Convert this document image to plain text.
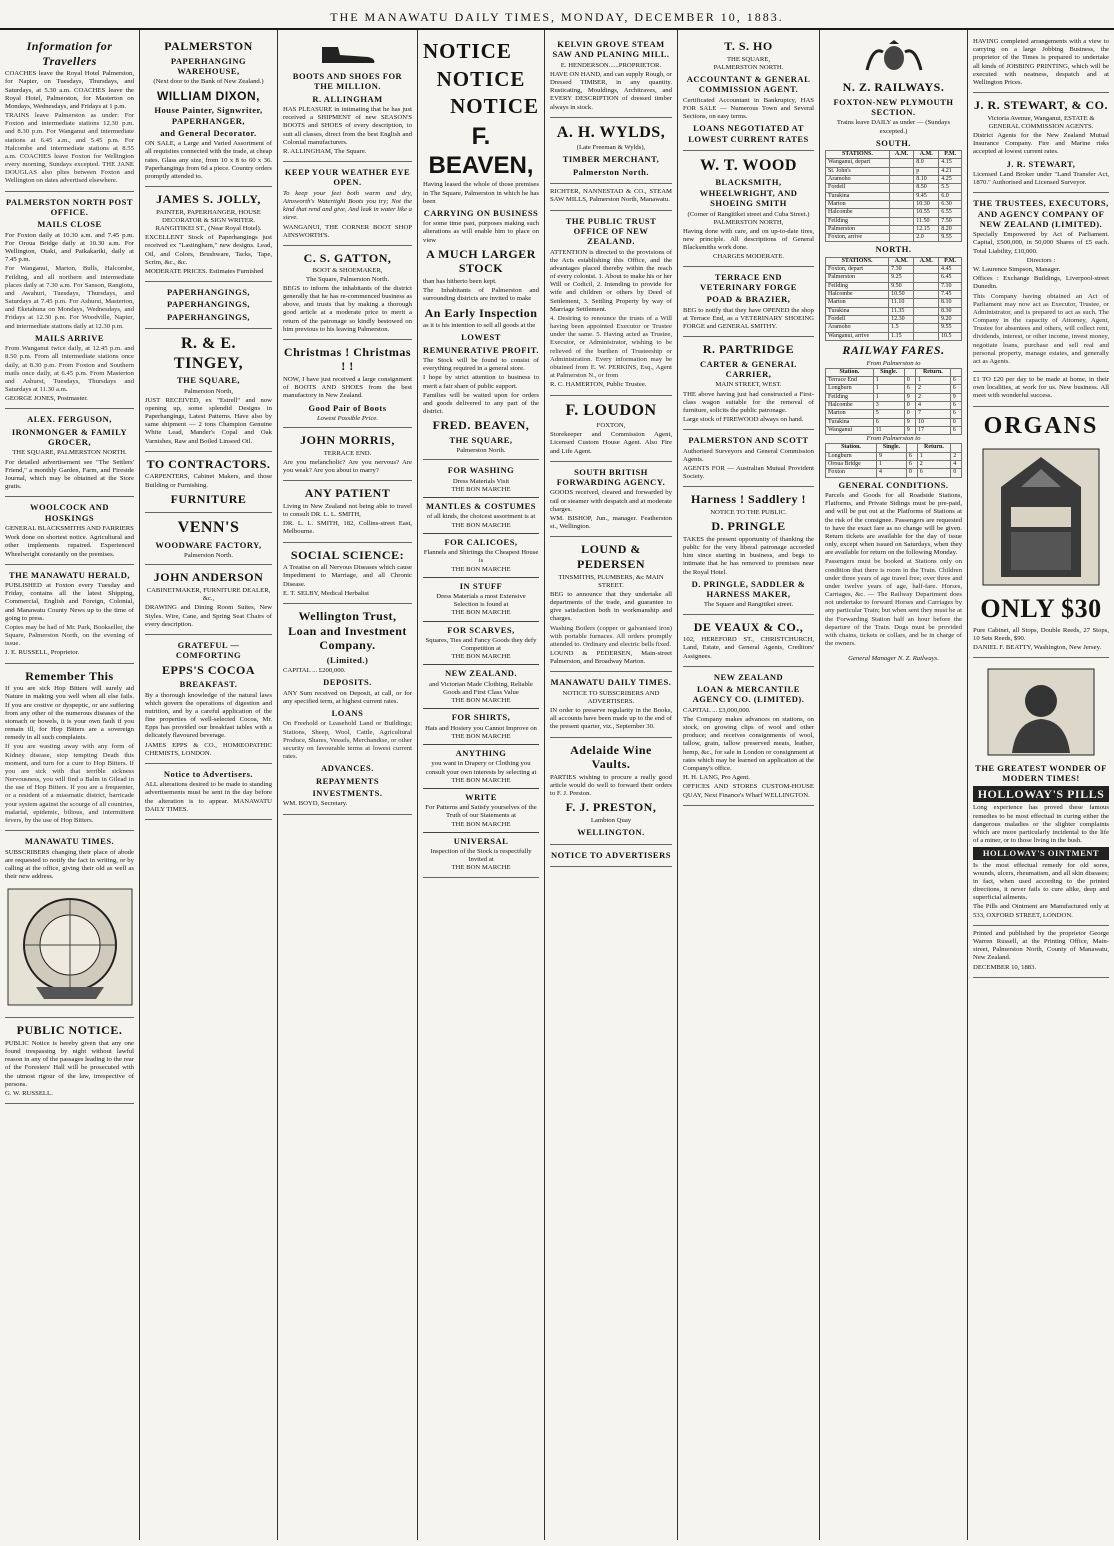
THE MANAWATU DAILY TIMES, MONDAY, DECEMBER 10, 1883.
Information for Travellers

COACHES leave the Royal Hotel Palmerston, for Napier, on Tuesdays, Thursdays, and Saturdays, at 5.30 a.m. COACHES leave the Royal Hotel, Palmerston, for Masterton on Mondays, Wednesdays, and Fridays at 1 p.m.

TRAINS leave Palmerston as under: For Foxton and intermediate stations 12.30 p.m. and 8.30 p.m. For Wanganui and intermediate stations at 6.45 a.m., and 5.45 p.m. For Halcombe and intermediate stations at 8.55 a.m. COACHES leave Foxton for Wellington every morning, Sundays excepted. THE JANE DOUGLAS also plies between Foxton and Wellington on dates advertised elsewhere.

PALMERSTON NORTH POST OFFICE.
MAILS CLOSE

For Foxton daily at 10.30 a.m. and 7.45 p.m. For Oroua Bridge daily at 10.30 a.m. For Wellington, Otaki, and Paikakariki, daily at 7.45 p.m.

For Wanganui, Marton, Bulls, Halcombe, Feilding, and all northern and intermediate places daily at 7.30 a.m. For Sanson, Rangiotu, and Awahuri, Tuesdays, Thursdays, and Saturdays at 7.45 p.m. For Ashurst, Masterton, and Eketahuna on Mondays, Wednesdays, and Fridays at 12.30 p.m. For Woodville, Napier, and intermediate stations daily at 12.30 p.m.

MAILS ARRIVE

From Wanganui twice daily, at 12.45 p.m. and 8.50 p.m. From all intermediate stations once daily, at 8.30 p.m. From Foxton and Southern mails once daily, at 6.45 p.m. From Masterton and Ashurst, Tuesdays, Thursdays and Saturdays at 11.30 a.m.

GEORGE JONES, Postmaster.

ALEX. FERGUSON,
IRONMONGER & FAMILY GROCER,
THE SQUARE, PALMERSTON NORTH.

For detailed advertisement see "The Settlers' Friend," a monthly Garden, Farm, and Fireside Journal, which may be obtained at the Store gratis.

WOOLCOCK AND HOSKINGS
GENERAL BLACKSMITHS AND FARRIERS

Work done on shortest notice. Agricultural and other implements repaired. Experienced Wheelwright constantly on the premises.

THE MANAWATU HERALD,

PUBLISHED at Foxton every Tuesday and Friday, contains all the latest Shipping, Commercial, English and Foreign, Colonial, and Manawatu County News up to the time of going to press.

Copies may be had of Mr. Park, Bookseller, the Square, Palmerston North, on the evening of issue.

J. E. RUSSELL, Proprietor.

Remember This

If you are sick Hop Bitters will surely aid Nature in making you well when all else fails. If you are costive or dyspeptic, or are suffering from any other of the numerous diseases of the stomach or bowels, it is your own fault if you remain ill, for Hop Bitters are a sovereign remedy in all such complaints.

If you are wasting away with any form of Kidney disease, stop tempting Death this moment, and turn for a cure to Hop Bitters. If you are sick with that terrible sickness Nervousness, you will find a Balm in Gilead in the use of Hop Bitters. If you are a frequenter, or a resident of a miasmatic district, barricade your system against the scourge of all countries, malarial, epidemic, bilious, and intermittent fevers, by the use of Hop Bitters.

MANAWATU TIMES.

SUBSCRIBERS changing their place of abode are requested to notify the fact in writing, or by calling at the office, giving their old as well as their new address.

PUBLIC NOTICE.

PUBLIC Notice is hereby given that any one found trespassing by night without lawful reason in any of the passages leading to the rear of the Foresters' Hall will be prosecuted with the utmost rigour of the law, irrespective of persons.

G. W. RUSSELL.

PALMERSTON
PAPERHANGING WAREHOUSE,
(Next door to the Bank of New Zealand.)
WILLIAM DIXON,
House Painter, Signwriter, PAPERHANGER,
and General Decorator.

ON SALE, a Large and Varied Assortment of all requisites connected with the trade, at cheap rates. Glass any size, from 10 x 8 to 60 x 36. Paperhangings from 6d a piece. Country orders promptly attended to.

JAMES S. JOLLY,
PAINTER, PAPERHANGER, HOUSE DECORATOR & SIGN WRITER.
RANGITIKEI ST., (Near Royal Hotel).

EXCELLENT Stock of Paperhangings just received ex "Lastingham," new designs. Lead, Oil, and Colors, Brushware, Tacks, Tape, Scrim, &c., &c.

MODERATE PRICES. Estimates Furnished

PAPERHANGINGS,
PAPERHANGINGS,
PAPERHANGINGS,
R. & E. TINGEY,
THE SQUARE,
Palmerston North,

JUST RECEIVED, ex "Estrell" and now opening up, some splendid Designs in Paperhangings, Latest Patterns. Have also by same shipment — 2 tons Champion Genuine White Lead, Mander's Copal and Oak Varnishes, Raw and Boiled Linseed Oil.

TO CONTRACTORS.

CARPENTERS, Cabinet Makers, and those Building or Furnishing.

FURNITURE
VENN'S
WOODWARE FACTORY,
Palmerston North.
JOHN ANDERSON
CABINETMAKER, FURNITURE DEALER, &c.,

DRAWING and Dining Room Suites, New Styles. Wire, Cane, and Spring Seat Chairs of every description.

GRATEFUL — COMFORTING
EPPS'S COCOA
BREAKFAST.

By a thorough knowledge of the natural laws which govern the operations of digestion and nutrition, and by a careful application of the fine properties of well-selected Cocoa, Mr. Epps has provided our breakfast tables with a delicately flavoured beverage.

JAMES EPPS & CO., HOMŒOPATHIC CHEMISTS, LONDON.

Notice to Advertisers.

ALL alterations desired to be made to standing advertisements must be sent in the day before the alteration is to appear. MANAWATU DAILY TIMES.

BOOTS AND SHOES FOR THE MILLION.
R. ALLINGHAM

HAS PLEASURE in intimating that he has just received a SHIPMENT of new SEASON'S BOOTS and SHOES of every description, to suit all classes, direct from the best English and Colonial manufacturers.

R. ALLINGHAM, The Square.

KEEP YOUR WEATHER EYE OPEN.

To keep your feet both warm and dry, Ainsworth's Watertight Boots you try; Not the kind that rend and give, And leak in water like a sieve.

WANGANUI, THE CORNER BOOT SHOP AINSWORTH'S.

C. S. GATTON,
BOOT & SHOEMAKER,
The Square, Palmerston North.

BEGS to inform the inhabitants of the district generally that he has re-commenced business as above, and trusts that by making a thorough good article at a moderate price to merit a return of the patronage so kindly bestowed on him previous to his leaving Palmerston.

Christmas ! Christmas ! !

NOW, I have just received a large consignment of BOOTS AND SHOES from the best manufactory in New Zealand.

Good Pair of Boots
Lowest Possible Price.
JOHN MORRIS,
TERRACE END.

Are you melancholic? Are you nervous? Are you weak? Are you about to marry?

ANY PATIENT

Living in New Zealand not being able to travel to consult DR. L. L. SMITH,

DR. L. L. SMITH, 182, Collins-street East, Melbourne.

SOCIAL SCIENCE:

A Treatise on all Nervous Diseases which cause Impediment to Marriage, and all Chronic Disease.

E. T. SELBY, Medical Herbalist

Wellington Trust, Loan and Investment Company.
(Limited.)

CAPITAL ... £200,000.

DEPOSITS.

ANY Sum received on Deposit, at call, or for any specified term, at highest current rates.

LOANS

On Freehold or Leasehold Land or Buildings; Stations, Sheep, Wool, Cattle, Agricultural Produce, Shares, Vessels, Merchandise, or other security on favourable terms at lowest current rates.

ADVANCES.
REPAYMENTS
INVESTMENTS.

WM. BOYD, Secretary.

NOTICE
NOTICE
NOTICE
F. BEAVEN,

Having leased the whole of those premises in The Square, Palmerston in which he has been

CARRYING ON BUSINESS

for some time past, purposes making such alterations as will enable him to place on view

A MUCH LARGER STOCK

than has hitherto been kept.

The Inhabitants of Palmerston and surrounding districts are invited to make

An Early Inspection

as it is his intention to sell all goods at the

LOWEST
REMUNERATIVE PROFIT.

The Stock will be found to consist of everything required in a general store.

I hope by strict attention to business to merit a fair share of public support.

Families will be waited upon for orders and goods delivered to any part of the district.

FRED. BEAVEN,
THE SQUARE,
Palmerston North.
FOR WASHING
Dress Materials Visit
THE BON MARCHE
MANTLES & COSTUMES
of all kinds, the choicest assortment is at
THE BON MARCHE
FOR CALICOES,
Flannels and Shirtings the Cheapest House is
THE BON MARCHE
IN STUFF
Dress Materials a most Extensive Selection is found at
THE BON MARCHE
FOR SCARVES,
Squares, Ties and Fancy Goods they defy Competition at
THE BON MARCHE
NEW ZEALAND.
and Victorian Made Clothing, Reliable Goods and First Class Value
THE BON MARCHE
FOR SHIRTS,
Hats and Hosiery you Cannot Improve on
THE BON MARCHE
ANYTHING
you want in Drapery or Clothing you consult your own interests by selecting at
THE BON MARCHE
WRITE
For Patterns and Satisfy yourselves of the Truth of our Statements at
THE BON MARCHE
UNIVERSAL
Inspection of the Stock is respectfully Invited at
THE BON MARCHE
KELVIN GROVE STEAM SAW AND PLANING MILL.
E. HENDERSON......PROPRIETOR.

HAVE ON HAND, and can supply Rough, or Dressed TIMBER, in any quantity. Rusticating, Mouldings, Architraves, and EVERY DESCRIPTION of dressed timber always in stock.

A. H. WYLDS,
(Late Freeman & Wylds),
TIMBER MERCHANT,
Palmerston North.

RICHTER, NANNESTAD & CO., STEAM SAW MILLS, Palmerston North, Manawatu.

THE PUBLIC TRUST OFFICE OF NEW ZEALAND.

ATTENTION is directed to the provisions of the Acts establishing this Office, and the advantages placed thereby within the reach of every colonist. 1. About to make his or her Will or Codicil, 2. Intending to provide for wife and children or others by Deed of Settlement, 3. Settling Property by way of Marriage Settlement.

4. Desiring to renounce the trusts of a Will having been appointed Executor or Trustee under the same. 5. Having acted as Trustee, Executor, or Administrator, wishing to be relieved of the burthen of Trusteeship or Administration. Every information may be obtained from E. W. PERKINS, Esq., Agent at Palmerston N., or from

R. C. HAMERTON, Public Trustee.

F. LOUDON
FOXTON,

Storekeeper and Commission Agent, Licensed Custom House Agent. Also Fire and Life Agent.

SOUTH BRITISH FORWARDING AGENCY.

GOODS received, cleared and forwarded by rail or steamer with despatch and at moderate charges.

WM. BISHOP, Jun., manager. Featherston st., Wellington.

LOUND & PEDERSEN
TINSMITHS, PLUMBERS, &c MAIN STREET.

BEG to announce that they undertake all departments of the trade, and guarantee to give satisfaction both in workmanship and charges.

Washing Boilers (copper or galvanised iron) with portable furnaces. All orders promptly attended to. Ordinary and electric bells fixed.

LOUND & PEDERSEN, Main-street Palmerston, and Broadway Marton.

MANAWATU DAILY TIMES.
NOTICE TO SUBSCRIBERS AND ADVERTISERS.

IN order to preserve regularity in the Books, all accounts have been made up to the end of the present quarter, viz., September 30.

Adelaide Wine Vaults.

PARTIES wishing to procure a really good article would do well to forward their orders to F. J. Preston.

F. J. PRESTON,
Lambton Quay
WELLINGTON.
NOTICE TO ADVERTISERS
T. S. HO
THE SQUARE,
PALMERSTON NORTH.
ACCOUNTANT & GENERAL COMMISSION AGENT.

Certificated Accountant in Bankruptcy, HAS FOR SALE — Numerous Town and Several Sections, on easy terms.

LOANS NEGOTIATED AT LOWEST CURRENT RATES
W. T. WOOD
BLACKSMITH, WHEELWRIGHT, AND SHOEING SMITH
(Corner of Rangitikei street and Cuba Street.)
PALMERSTON NORTH,

Having done with care, and on up-to-date tires, new principle. All descriptions of General Blacksmiths work done.

CHARGES MODERATE.
TERRACE END VETERINARY FORGE
POAD & BRAZIER,

BEG to notify that they have OPENED the shop at Terrace End, as a VETERINARY SHOEING FORGE and GENERAL SMITHY.

R. PARTRIDGE
CARTER & GENERAL CARRIER,
MAIN STREET, WEST.

THE above having just had constructed a First-class wagon suitable for the removal of furniture, solicits the public patronage.

Large stock of FIREWOOD always on hand.

PALMERSTON AND SCOTT

Authorised Surveyors and General Commission Agents.

AGENTS FOR — Australian Mutual Provident Society.

Harness ! Saddlery !
NOTICE TO THE PUBLIC.
D. PRINGLE

TAKES the present opportunity of thanking the public for the very liberal patronage accorded him since starting in business, and begs to intimate that he has removed to premises near the Royal Hotel.

D. PRINGLE, SADDLER & HARNESS MAKER,
The Square and Rangitikei street.
DE VEAUX & CO.,

102, HEREFORD ST., CHRISTCHURCH, Land, Estate, and General Agents, Creditors' Assignees.

NEW ZEALAND
LOAN & MERCANTILE AGENCY CO. (LIMITED).

CAPITAL ... £3,000,000.

The Company makes advances on stations, on stock, on growing clips of wool and other produce; and receives consignments of wool, tallow, grain, tallow preserved meats, leather, hemp, &c., for sale in London or consignment at rates which may be learned on application at the Company's office.

H. H. LANG, Pro Agent.

OFFICES AND STORES CUSTOM-HOUSE QUAY, Next Finance's Wharf WELLINGTON.

N. Z. RAILWAYS.
FOXTON-NEW PLYMOUTH SECTION.
Trains leave DAILY as under — (Sundays excepted.)
SOUTH.
STATIONS.	A.M.	A.M.	P.M.
Wanganui, depart		8.0	4.15
St. John's		p	4.21
Aramoho		8.10	4.25
Fordell		8.50	5.5
Turakina		9.45	6.0
Marton		10.30	6.30
Halcombe		10.55	6.55
Feilding		11.50	7.50
Palmerston		12.15	8.20
Foxton, arrive		2.0	9.55
NORTH.
STATIONS.	A.M.	A.M.	P.M.
Foxton, depart	7.30		4.45
Palmerston	9.25		6.45
Feilding	9.50		7.10
Halcombe	10.50		7.45
Marton	11.10		8.10
Turakina	11.35		8.30
Fordell	12.30		9.20
Aramoho	1.5		9.55
Wanganui, arrive	1.15		10.5
RAILWAY FARES.
From Palmerston to
Station.	Single.		Return.	
Terrace End	1	0	1	6
Longburn	1	6	2	6
Feilding	1	9	2	9
Halcombe	3	0	4	6
Marton	5	0	7	6
Turakina	6	9	10	0
Wanganui	11	9	17	6
From Palmerston to
Station.	Single.		Return.	
Longburn	9	6	1	2
Oroua Bridge	1	6	2	4
Foxton	4	0	6	0
GENERAL CONDITIONS.

Parcels and Goods for all Roadside Stations, Flatforms, and Private Sidings must be pre-paid, and will be put out at the Platforms of Stations at the risk of the consignee. Passengers are requested to have the exact fare as no change will be given. Return tickets are available for the day of issue only, except when issued on Saturdays, when they are available for return on the following Monday.

Passengers must be booked at Stations only on condition that there is room in the Train. Children under three years of age travel free; over three and under twelve years of age, half-fare. Horses, Carriages, &c. — The Railway Department does not undertake to forward Horses and Carriages by any particular Train; but when sent they must be at the Forwarding Station half an hour before the departure of the Train. Dogs must be provided with chains, tickets or collars, and be in charge of the owners.

General Manager N. Z. Railways.

HAVING completed arrangements with a view to carrying on a large Jobbing Business, the proprietor of the Times is prepared to undertake all kinds of JOBBING PRINTING, which will be executed with neatness, despatch and at Wellington Prices.

J. R. STEWART, & CO.
Victoria Avenue, Wanganui, ESTATE & GENERAL COMMISSION AGENTS.

District Agents for the New Zealand Mutual Insurance Company. Fire and Marine risks accepted at lowest current rates.

J. R. STEWART,

Licensed Land Broker under "Land Transfer Act, 1870." Authorised and Licensed Surveyor.

THE TRUSTEES, EXECUTORS, AND AGENCY COMPANY OF NEW ZEALAND (LIMITED).

Specially Empowered by Act of Parliament. Capital, £500,000, in 50,000 Shares of £5 each. Total Liability, £10,000.

Directors :

W. Laurence Simpson, Manager.

Offices : Exchange Buildings, Liverpool-street Dunedin.

This Company having obtained an Act of Parliament may now act as Executor, Trustee, or Administrator, and is prepared to act as such. The Company in the capacity of Attorney, Agent, Trustee for absentees and others, will collect rent, dividends, interest, or other income, invest money, negotiate loans, purchase and sell real and personal property, manage estates, and generally act as Agents.

£1 TO £20 per day to be made at home, in their own localities, at work for us. New business. All meet with wonderful success.

ORGANS
ONLY $30

Pure Cabinet, all Stops, Double Reeds, 27 Stops, 10 Sets Reeds, $90.

DANIEL F. BEATTY, Washington, New Jersey.

THE GREATEST WONDER OF MODERN TIMES!
HOLLOWAY'S PILLS

Long experience has proved these famous remedies to be most effectual in curing either the dangerous maladies or the slighter complaints which are more particularly incidental to the life of a miner, or to those living in the bush.

HOLLOWAY'S OINTMENT

Is the most effectual remedy for old sores, wounds, ulcers, rheumatism, and all skin diseases; in fact, when used according to the printed directions, it never fails to cure alike, deep and superficial ailments.

The Pills and Ointment are Manufactured only at 533, OXFORD STREET, LONDON.

Printed and published by the proprietor George Warren Russell, at the Printing Office, Main-street, Palmerston North, County of Manawatu, New Zealand.

DECEMBER 10, 1883.
